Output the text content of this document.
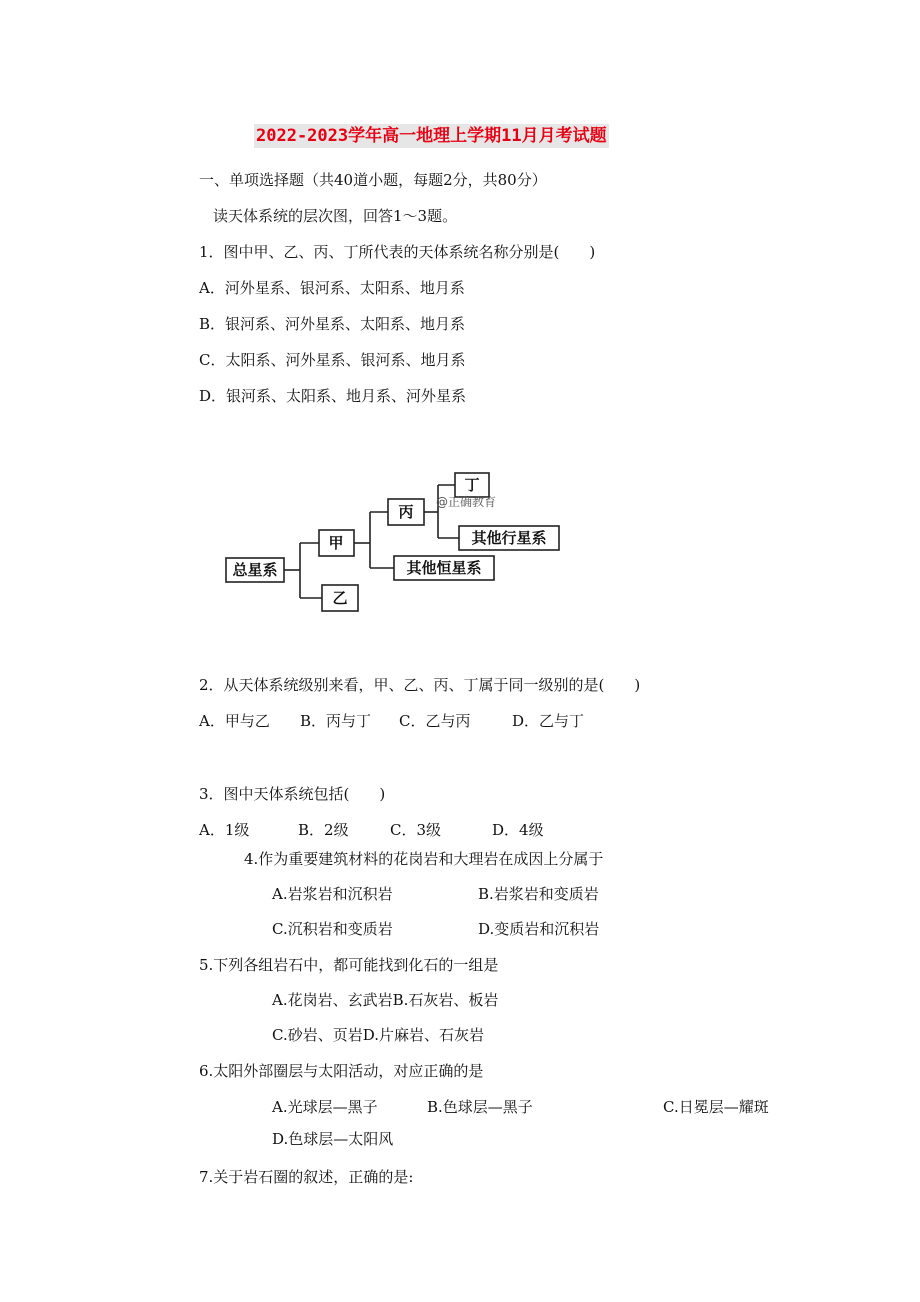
2022-2023学年高一地理上学期11月月考试题
一、单项选择题（共40道小题，每题2分，共80分）
读天体系统的层次图，回答1～3题。
1．图中甲、乙、丙、丁所代表的天体系统名称分别是(　　)
A．河外星系、银河系、太阳系、地月系
B．银河系、河外星系、太阳系、地月系
C．太阳系、河外星系、银河系、地月系
D．银河系、太阳系、地月系、河外星系
总星系
甲
乙
丙
丁
其他行星系
其他恒星系
@正确教育
2．从天体系统级别来看，甲、乙、丙、丁属于同一级别的是(　　)
A．甲与乙 B．丙与丁 C．乙与丙	D．乙与丁
3．图中天体系统包括(　　)
A．1级	B．2级	C．3级	D．4级
4.作为重要建筑材料的花岗岩和大理岩在成因上分属于
A.岩浆岩和沉积岩	B.岩浆岩和变质岩
C.沉积岩和变质岩	D.变质岩和沉积岩
5.下列各组岩石中，都可能找到化石的一组是
A.花岗岩、玄武岩B.石灰岩、板岩
C.砂岩、页岩D.片麻岩、石灰岩
6.太阳外部圈层与太阳活动，对应正确的是
A.光球层—黑子	B.色球层—黑子	C.日冕层—耀斑
D.色球层—太阳风
7.关于岩石圈的叙述，正确的是:
